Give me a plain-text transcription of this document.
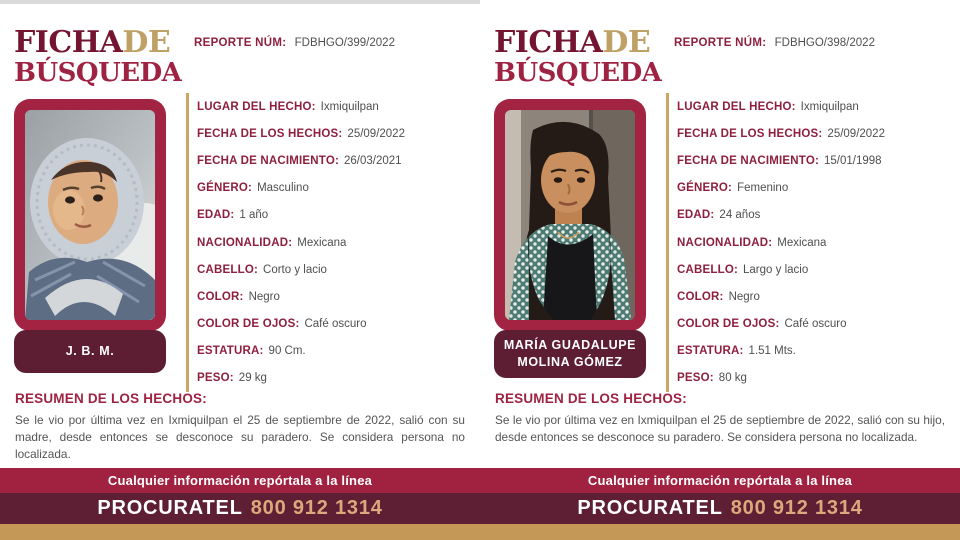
FICHADE
BÚSQUEDA
REPORTE NÚM: FDBHGO/399/2022
J. B. M.
LUGAR DEL HECHO: Ixmiquilpan
FECHA DE LOS HECHOS: 25/09/2022
FECHA DE NACIMIENTO: 26/03/2021
GÉNERO: Masculino
EDAD: 1 año
NACIONALIDAD: Mexicana
CABELLO: Corto y lacio
COLOR: Negro
COLOR DE OJOS: Café oscuro
ESTATURA: 90 Cm.
PESO: 29 kg
RESUMEN DE LOS HECHOS:
Se le vio por última vez en Ixmiquilpan el 25 de septiembre de 2022, salió con su madre, desde entonces se desconoce su paradero. Se considera persona no localizada.
Cualquier información repórtala a la línea
PROCURATEL 800 912 1314
FICHADE
BÚSQUEDA
REPORTE NÚM: FDBHGO/398/2022
MARÍA GUADALUPE MOLINA GÓMEZ
LUGAR DEL HECHO: Ixmiquilpan
FECHA DE LOS HECHOS: 25/09/2022
FECHA DE NACIMIENTO: 15/01/1998
GÉNERO: Femenino
EDAD: 24 años
NACIONALIDAD: Mexicana
CABELLO: Largo y lacio
COLOR: Negro
COLOR DE OJOS: Café oscuro
ESTATURA: 1.51 Mts.
PESO: 80 kg
RESUMEN DE LOS HECHOS:
Se le vio por última vez en Ixmiquilpan el 25 de septiembre de 2022, salió con su hijo, desde entonces se desconoce su paradero. Se considera persona no localizada.
Cualquier información repórtala a la línea
PROCURATEL 800 912 1314
